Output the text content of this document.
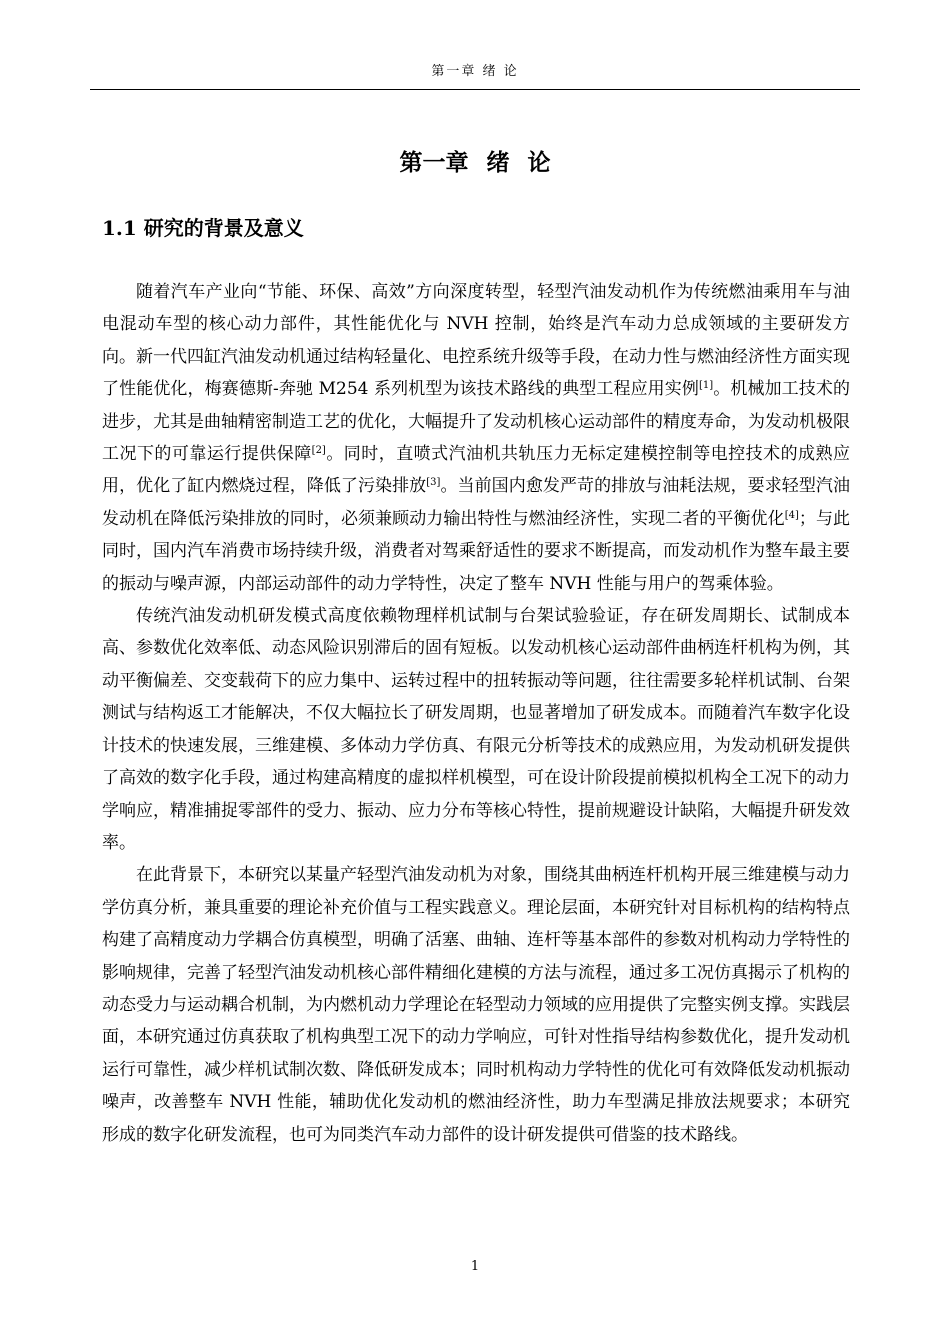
第一章 绪 论
第一章 绪 论
1.1 研究的背景及意义

随着汽车产业向“节能、环保、高效”方向深度转型，轻型汽油发动机作为传统燃油乘用车与油电混动车型的核心动力部件，其性能优化与 NVH 控制，始终是汽车动力总成领域的主要研发方向。新一代四缸汽油发动机通过结构轻量化、电控系统升级等手段，在动力性与燃油经济性方面实现了性能优化，梅赛德斯-奔驰 M254 系列机型为该技术路线的典型工程应用实例[1]。机械加工技术的进步，尤其是曲轴精密制造工艺的优化，大幅提升了发动机核心运动部件的精度寿命，为发动机极限工况下的可靠运行提供保障[2]。同时，直喷式汽油机共轨压力无标定建模控制等电控技术的成熟应用，优化了缸内燃烧过程，降低了污染排放[3]。当前国内愈发严苛的排放与油耗法规，要求轻型汽油发动机在降低污染排放的同时，必须兼顾动力输出特性与燃油经济性，实现二者的平衡优化[4]；与此同时，国内汽车消费市场持续升级，消费者对驾乘舒适性的要求不断提高，而发动机作为整车最主要的振动与噪声源，内部运动部件的动力学特性，决定了整车 NVH 性能与用户的驾乘体验。

传统汽油发动机研发模式高度依赖物理样机试制与台架试验验证，存在研发周期长、试制成本高、参数优化效率低、动态风险识别滞后的固有短板。以发动机核心运动部件曲柄连杆机构为例，其动平衡偏差、交变载荷下的应力集中、运转过程中的扭转振动等问题，往往需要多轮样机试制、台架测试与结构返工才能解决，不仅大幅拉长了研发周期，也显著增加了研发成本。而随着汽车数字化设计技术的快速发展，三维建模、多体动力学仿真、有限元分析等技术的成熟应用，为发动机研发提供了高效的数字化手段，通过构建高精度的虚拟样机模型，可在设计阶段提前模拟机构全工况下的动力学响应，精准捕捉零部件的受力、振动、应力分布等核心特性，提前规避设计缺陷，大幅提升研发效率。

在此背景下，本研究以某量产轻型汽油发动机为对象，围绕其曲柄连杆机构开展三维建模与动力学仿真分析，兼具重要的理论补充价值与工程实践意义。理论层面，本研究针对目标机构的结构特点构建了高精度动力学耦合仿真模型，明确了活塞、曲轴、连杆等基本部件的参数对机构动力学特性的影响规律，完善了轻型汽油发动机核心部件精细化建模的方法与流程，通过多工况仿真揭示了机构的动态受力与运动耦合机制，为内燃机动力学理论在轻型动力领域的应用提供了完整实例支撑。实践层面，本研究通过仿真获取了机构典型工况下的动力学响应，可针对性指导结构参数优化，提升发动机运行可靠性，减少样机试制次数、降低研发成本；同时机构动力学特性的优化可有效降低发动机振动噪声，改善整车 NVH 性能，辅助优化发动机的燃油经济性，助力车型满足排放法规要求；本研究形成的数字化研发流程，也可为同类汽车动力部件的设计研发提供可借鉴的技术路线。

1
